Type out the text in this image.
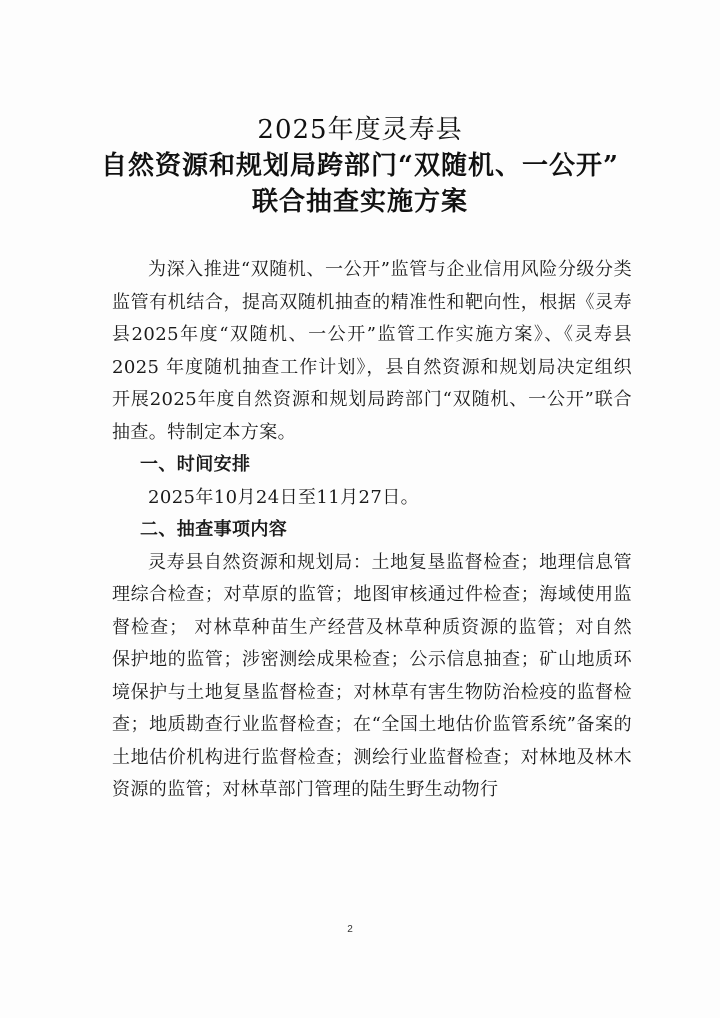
2025年度灵寿县
自然资源和规划局跨部门“双随机、一公开”
联合抽查实施方案

为深入推进“双随机、一公开”监管与企业信用风险分级分类监管有机结合，提高双随机抽查的精准性和靶向性，根据《灵寿县2025年度“双随机、一公开”监管工作实施方案》、《灵寿县 2025 年度随机抽查工作计划》，县自然资源和规划局决定组织开展2025年度自然资源和规划局跨部门“双随机、一公开”联合抽查。特制定本方案。

一、时间安排

2025年10月24日至11月27日。

二、抽查事项内容

灵寿县自然资源和规划局：土地复垦监督检查；地理信息管理综合检查；对草原的监管；地图审核通过件检查；海域使用监督检查； 对林草种苗生产经营及林草种质资源的监管；对自然保护地的监管；涉密测绘成果检查；公示信息抽查；矿山地质环境保护与土地复垦监督检查；对林草有害生物防治检疫的监督检查；地质勘查行业监督检查；在“全国土地估价监管系统”备案的土地估价机构进行监督检查；测绘行业监督检查；对林地及林木资源的监管；对林草部门管理的陆生野生动物行

2
